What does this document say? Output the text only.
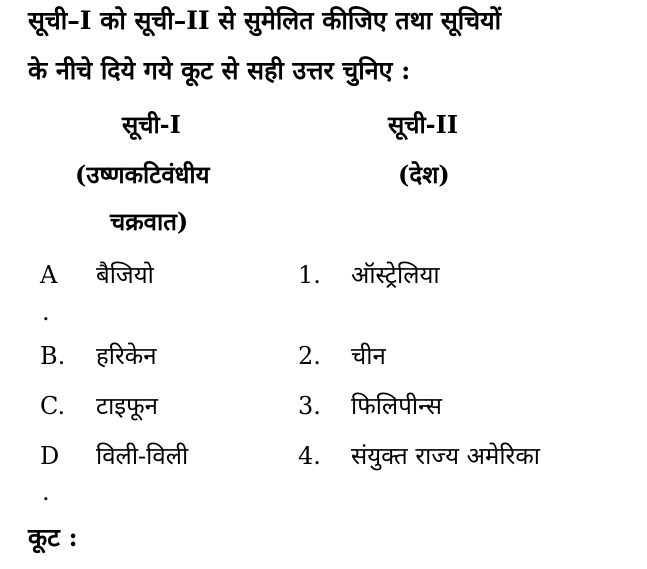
सूची–I को सूची–II से सुमेलित कीजिए तथा सूचियों
के नीचे दिये गये कूट से सही उत्तर चुनिए :
सूची-I	सूची-II
(उष्णकटिवंधीय	(देश)
चक्रवात)
A बैजियो	1. ऑस्ट्रेलिया
.
B. हरिकेन	2. चीन
C. टाइफून	3. फिलिपीन्स
D विली-विली	4. संयुक्त राज्य अमेरिका
.
कूट :
